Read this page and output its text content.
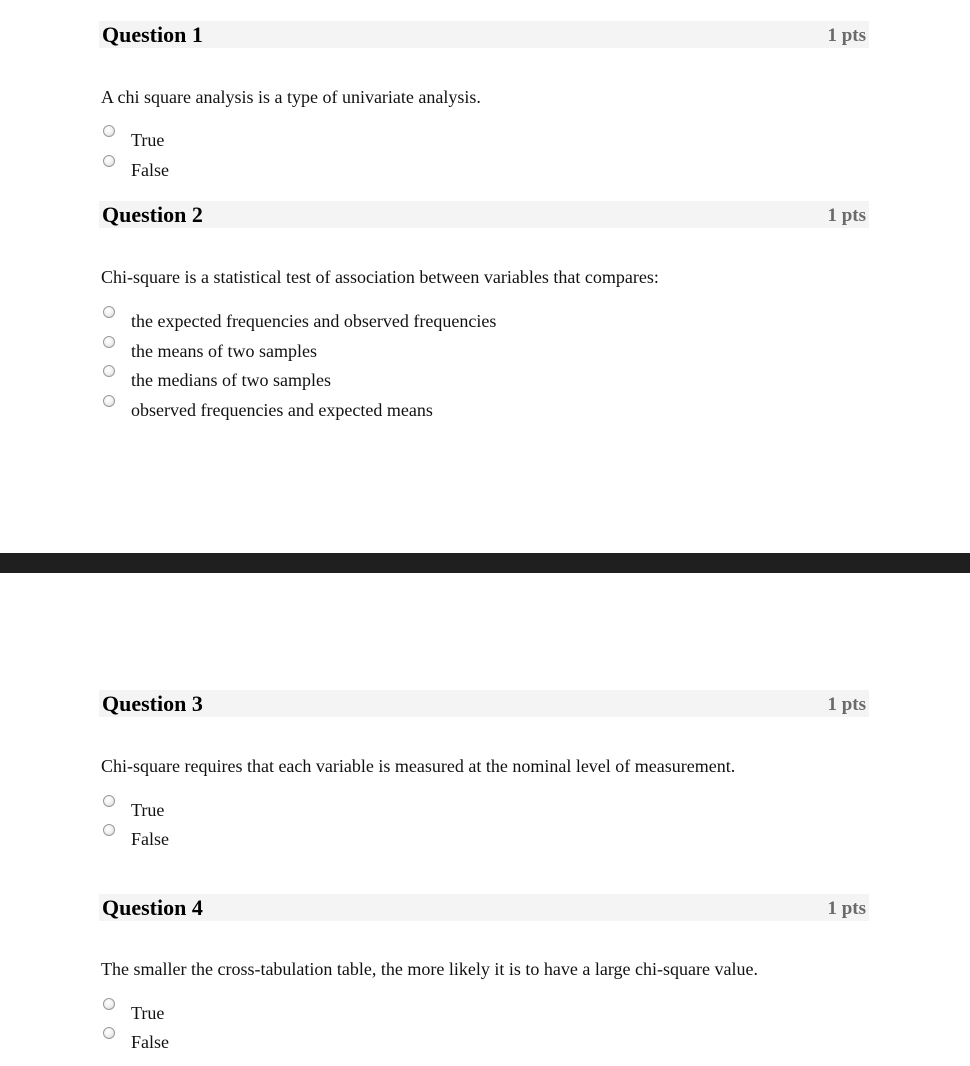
Question 1	1 pts
A chi square analysis is a type of univariate analysis.
True
False
Question 2	1 pts
Chi-square is a statistical test of association between variables that compares:
the expected frequencies and observed frequencies
the means of two samples
the medians of two samples
observed frequencies and expected means
Question 3	1 pts
Chi-square requires that each variable is measured at the nominal level of measurement.
True
False
Question 4	1 pts
The smaller the cross-tabulation table, the more likely it is to have a large chi-square value.
True
False
